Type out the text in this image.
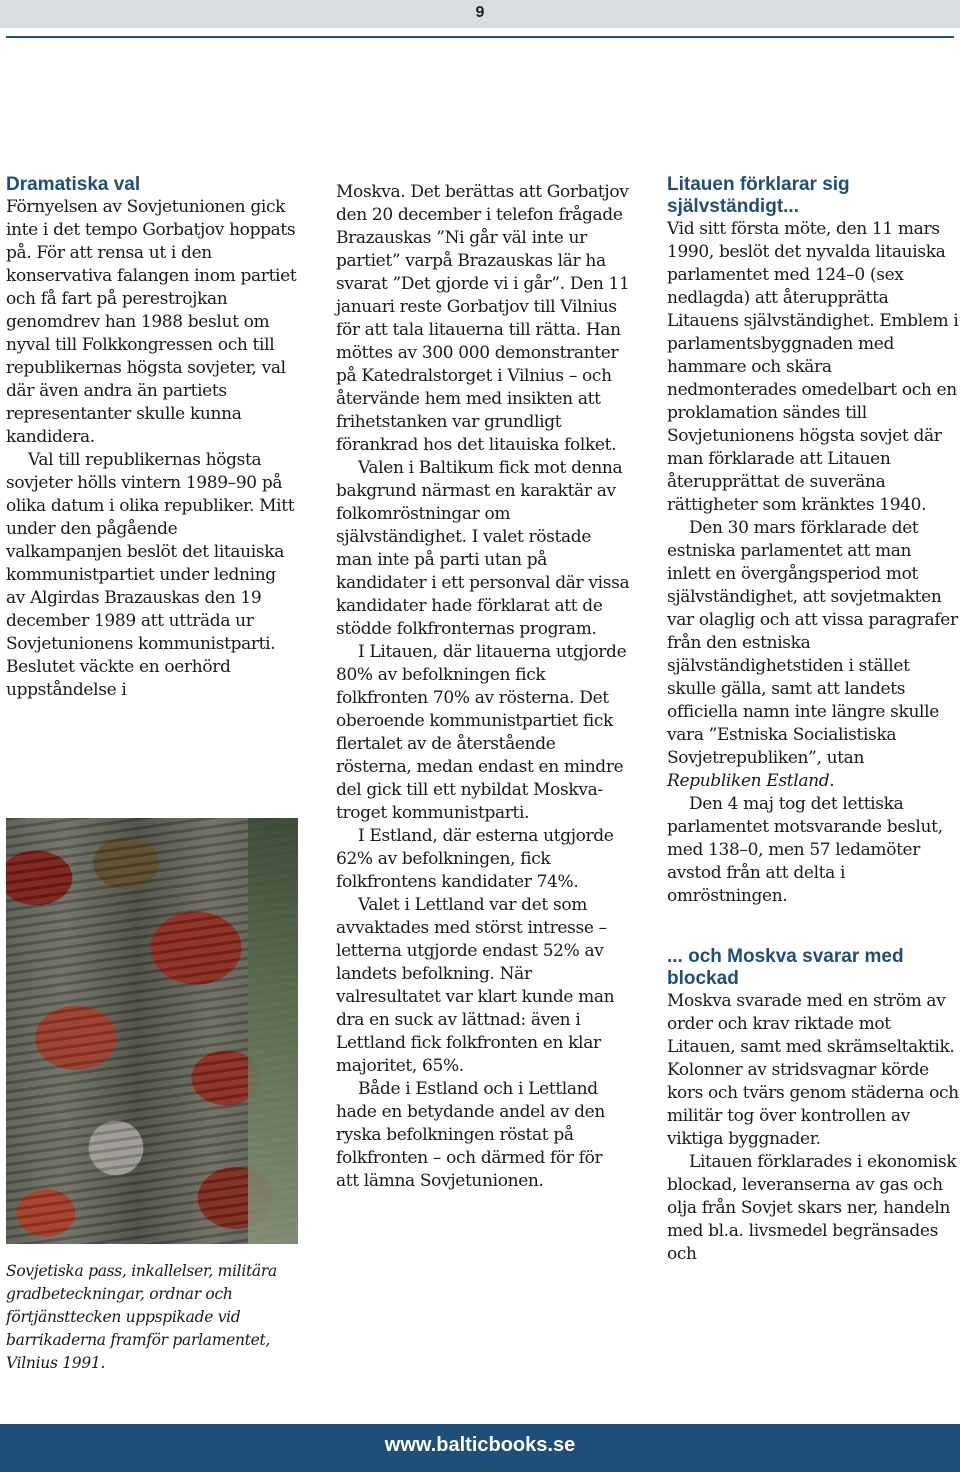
9
Dramatiska val

Förnyelsen av Sovjetunionen gick inte i det tempo Gorbatjov hoppats på. För att rensa ut i den konservativa falangen inom partiet och få fart på perestrojkan genomdrev han 1988 beslut om nyval till Folkkongressen och till republikernas högsta sovjeter, val där även andra än partiets representanter skulle kunna kandidera.

Val till republikernas högsta sovjeter hölls vintern 1989–90 på olika datum i olika republiker. Mitt under den pågående valkampanjen beslöt det litauiska kommunistpartiet under ledning av Algirdas Brazauskas den 19 december 1989 att utträda ur Sovjetunionens kommunistparti. Beslutet väckte en oerhörd uppståndelse i

Sovjetiska pass, inkallelser, militära gradbeteckningar, ordnar och förtjänsttecken uppspikade vid barrikaderna framför parlamentet, Vilnius 1991.

Moskva. Det berättas att Gorbatjov den 20 december i telefon frågade Brazauskas ”Ni går väl inte ur partiet” varpå Brazauskas lär ha svarat ”Det gjorde vi i går”. Den 11 januari reste Gorbatjov till Vilnius för att tala litauerna till rätta. Han möttes av 300 000 demonstranter på Katedralstorget i Vilnius – och återvände hem med insikten att frihetstanken var grundligt förankrad hos det litauiska folket.

Valen i Baltikum fick mot denna bakgrund närmast en karaktär av folkomröstningar om självständighet. I valet röstade man inte på parti utan på kandidater i ett personval där vissa kandidater hade förklarat att de stödde folkfronternas program.

I Litauen, där litauerna utgjorde 80% av befolkningen fick folkfronten 70% av rösterna. Det oberoende kommunistpartiet fick flertalet av de återstående rösterna, medan endast en mindre del gick till ett nybildat Moskva-troget kommunistparti.

I Estland, där esterna utgjorde 62% av befolkningen, fick folkfrontens kandidater 74%.

Valet i Lettland var det som avvaktades med störst intresse – letterna utgjorde endast 52% av landets befolkning. När valresultatet var klart kunde man dra en suck av lättnad: även i Lettland fick folkfronten en klar majoritet, 65%.

Både i Estland och i Lettland hade en betydande andel av den ryska befolkningen röstat på folkfronten – och därmed för för att lämna Sovjetunionen.

Litauen förklarar sig självständigt...

Vid sitt första möte, den 11 mars 1990, beslöt det nyvalda litauiska parlamentet med 124–0 (sex nedlagda) att återupprätta Litauens självständighet. Emblem i parlamentsbyggnaden med hammare och skära nedmonterades omedelbart och en proklamation sändes till Sovjetunionens högsta sovjet där man förklarade att Litauen återupprättat de suveräna rättigheter som kränktes 1940.

Den 30 mars förklarade det estniska parlamentet att man inlett en övergångsperiod mot självständighet, att sovjetmakten var olaglig och att vissa paragrafer från den estniska självständighetstiden i stället skulle gälla, samt att landets officiella namn inte längre skulle vara ”Estniska Socialistiska Sovjetrepubliken”, utan Republiken Estland.

Den 4 maj tog det lettiska parlamentet motsvarande beslut, med 138–0, men 57 ledamöter avstod från att delta i omröstningen.

... och Moskva svarar med blockad

Moskva svarade med en ström av order och krav riktade mot Litauen, samt med skrämseltaktik. Kolonner av stridsvagnar körde kors och tvärs genom städerna och militär tog över kontrollen av viktiga byggnader.

Litauen förklarades i ekonomisk blockad, leveranserna av gas och olja från Sovjet skars ner, handeln med bl.a. livsmedel begränsades och

www.balticbooks.se
